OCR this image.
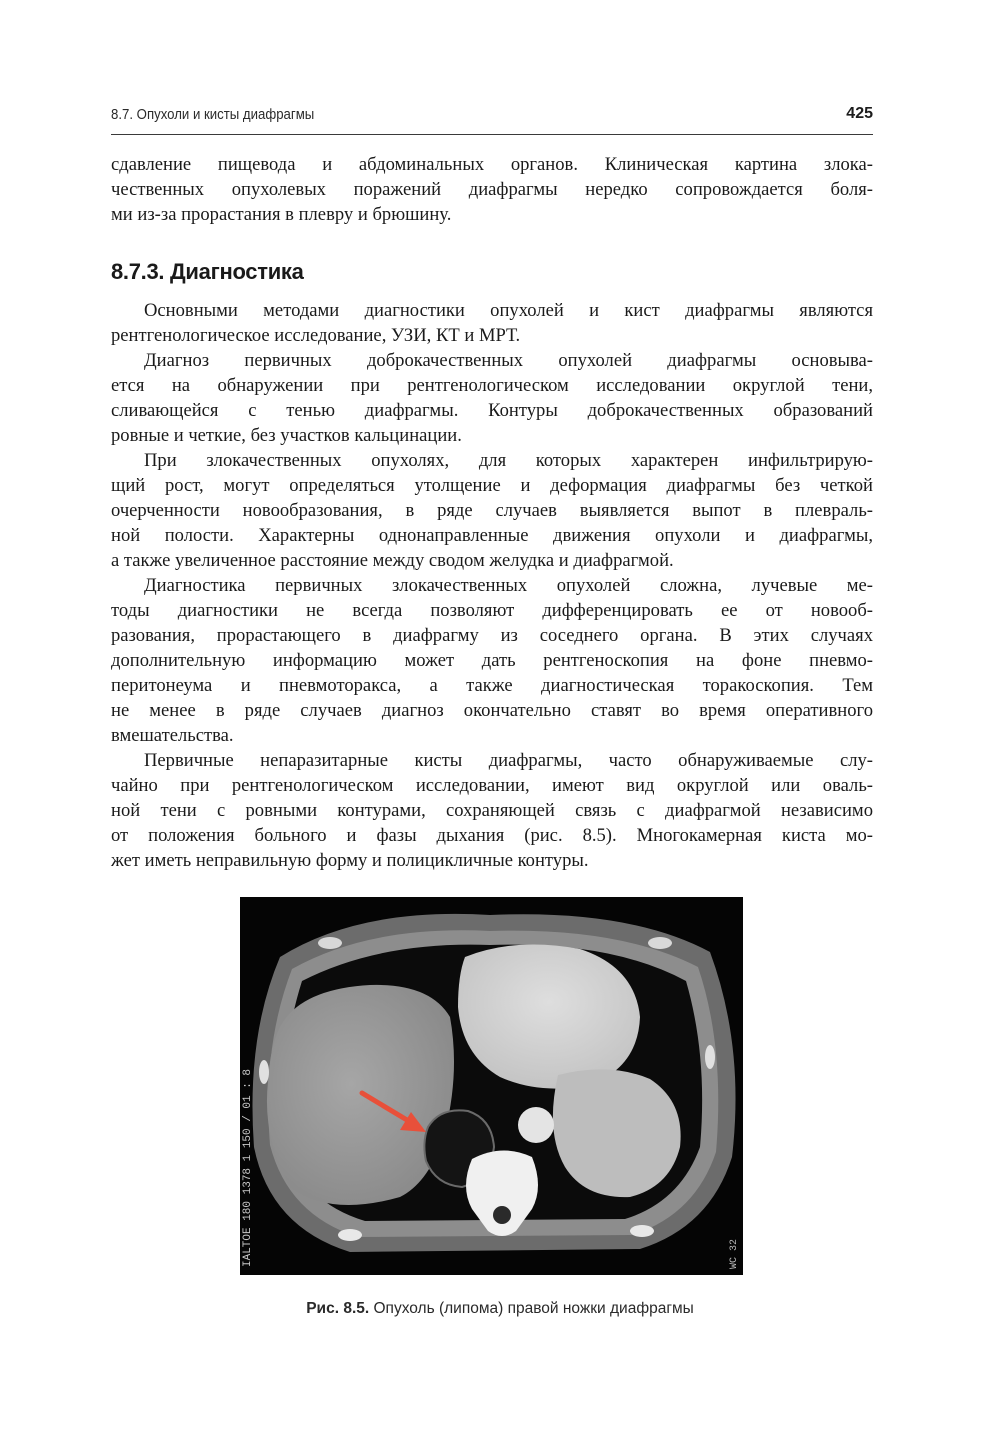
8.7. Опухоли и кисты диафрагмы	425

сдавление пищевода и абдоминальных органов. Клиническая картина злока-

чественных опухолевых поражений диафрагмы нередко сопровождается боля-

ми из-за прорастания в плевру и брюшину.

8.7.3. Диагностика

Основными методами диагностики опухолей и кист диафрагмы являются

рентгенологическое исследование, УЗИ, КТ и МРТ.

Диагноз первичных доброкачественных опухолей диафрагмы основыва-

ется на обнаружении при рентгенологическом исследовании округлой тени,

сливающейся с тенью диафрагмы. Контуры доброкачественных образований

ровные и четкие, без участков кальцинации.

При злокачественных опухолях, для которых характерен инфильтрирую-

щий рост, могут определяться утолщение и деформация диафрагмы без четкой

очерченности новообразования, в ряде случаев выявляется выпот в плевраль-

ной полости. Характерны однонаправленные движения опухоли и диафрагмы,

а также увеличенное расстояние между сводом желудка и диафрагмой.

Диагностика первичных злокачественных опухолей сложна, лучевые ме-

тоды диагностики не всегда позволяют дифференцировать ее от новооб-

разования, прорастающего в диафрагму из соседнего органа. В этих случаях

дополнительную информацию может дать рентгеноскопия на фоне пневмо-

перитонеума и пневмоторакса, а также диагностическая торакоскопия. Тем

не менее в ряде случаев диагноз окончательно ставят во время оперативного

вмешательства.

Первичные непаразитарные кисты диафрагмы, часто обнаруживаемые слу-

чайно при рентгенологическом исследовании, имеют вид округлой или оваль-

ной тени с ровными контурами, сохраняющей связь с диафрагмой независимо

от положения больного и фазы дыхания (рис. 8.5). Многокамерная киста мо-

жет иметь неправильную форму и полицикличные контуры.

IALTOE 180 1378 1 150 / 01 : 8	WC 32
Рис. 8.5. Опухоль (липома) правой ножки диафрагмы
